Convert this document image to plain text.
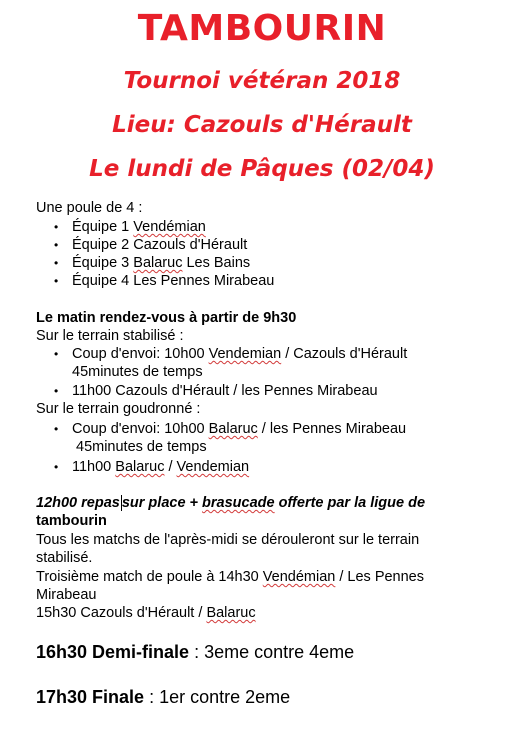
TAMBOURIN
Tournoi vétéran 2018
Lieu: Cazouls d'Hérault
Le lundi de Pâques (02/04)
Une poule de 4 :
• Équipe 1 Vendémian
• Équipe 2 Cazouls d'Hérault
• Équipe 3 Balaruc Les Bains
• Équipe 4 Les Pennes Mirabeau
Le matin rendez-vous à partir de 9h30
Sur le terrain stabilisé :
• Coup d'envoi: 10h00 Vendemian / Cazouls d'Hérault
45minutes de temps
• 11h00 Cazouls d'Hérault / les Pennes Mirabeau
Sur le terrain goudronné :
• Coup d'envoi: 10h00 Balaruc / les Pennes Mirabeau
45minutes de temps
• 11h00 Balaruc / Vendemian
12h00 repas sur place + brasucade offerte par la ligue de
tambourin
Tous les matchs de l'après-midi se dérouleront sur le terrain
stabilisé.
Troisième match de poule à 14h30 Vendémian / Les Pennes
Mirabeau
15h30 Cazouls d'Hérault / Balaruc
16h30 Demi-finale : 3eme contre 4eme
17h30 Finale : 1er contre 2eme
